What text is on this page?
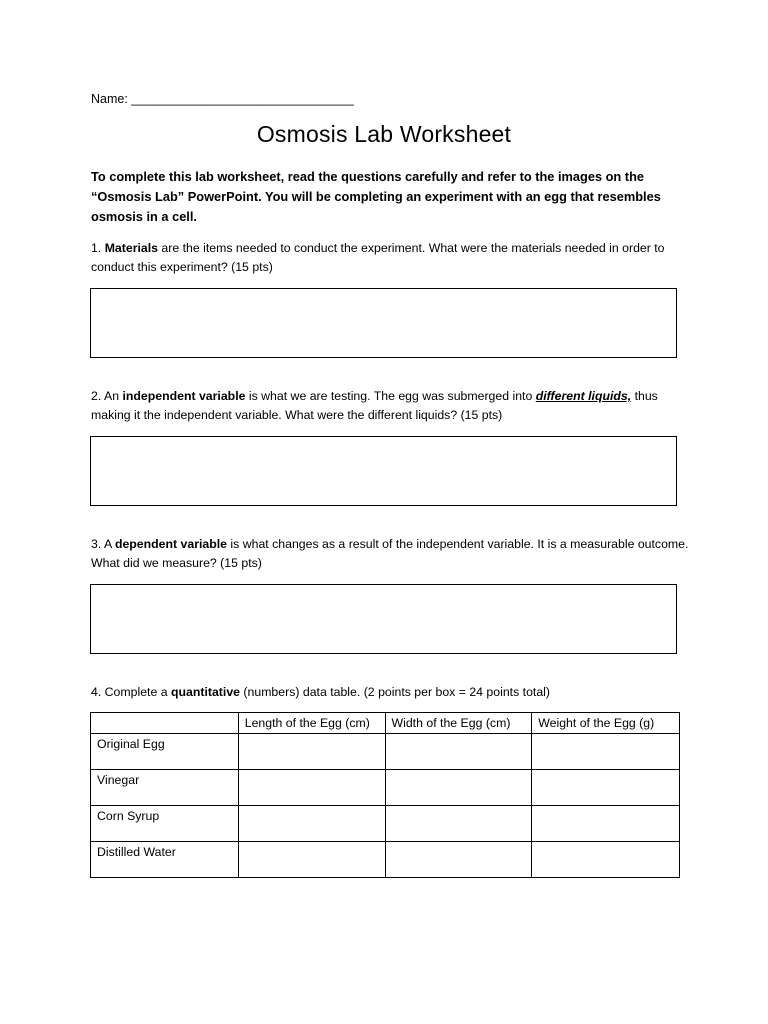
Name: ________________________________
Osmosis Lab Worksheet
To complete this lab worksheet, read the questions carefully and refer to the images on the “Osmosis Lab” PowerPoint. You will be completing an experiment with an egg that resembles osmosis in a cell.
1. Materials are the items needed to conduct the experiment. What were the materials needed in order to conduct this experiment? (15 pts)
2. An independent variable is what we are testing. The egg was submerged into different liquids, thus making it the independent variable. What were the different liquids? (15 pts)
3. A dependent variable is what changes as a result of the independent variable. It is a measurable outcome. What did we measure? (15 pts)
4. Complete a quantitative (numbers) data table. (2 points per box = 24 points total)
	Length of the Egg (cm)	Width of the Egg (cm)	Weight of the Egg (g)
Original Egg			
Vinegar			
Corn Syrup			
Distilled Water			
